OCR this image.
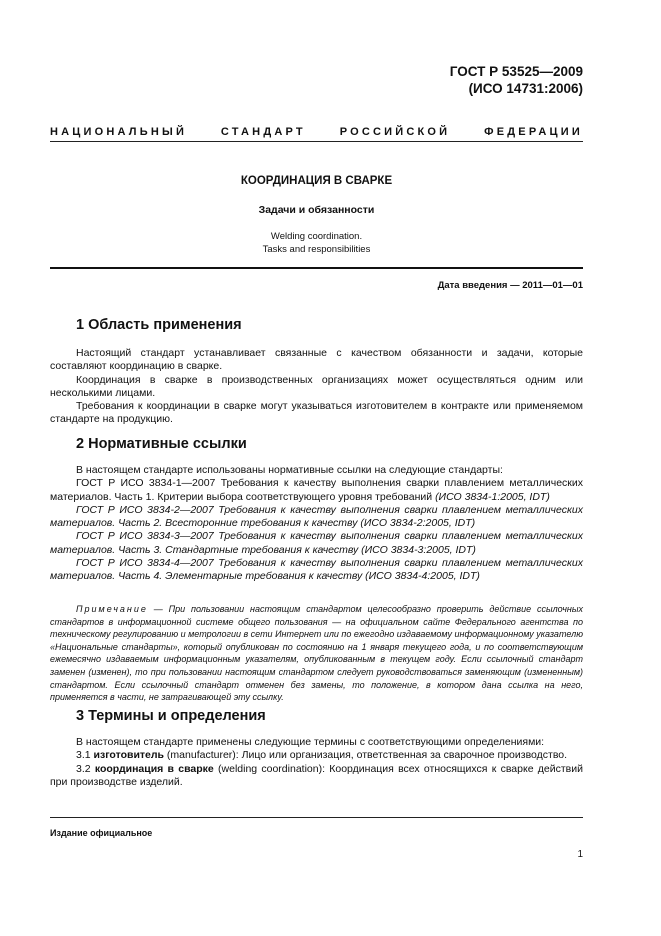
ГОСТ Р 53525—2009
(ИСО 14731:2006)
НАЦИОНАЛЬНЫЙ СТАНДАРТ РОССИЙСКОЙ ФЕДЕРАЦИИ
КООРДИНАЦИЯ В СВАРКЕ
Задачи и обязанности
Welding coordination.
Tasks and responsibilities
Дата введения — 2011—01—01
1 Область применения

Настоящий стандарт устанавливает связанные с качеством обязанности и задачи, которые составляют координацию в сварке.

Координация в сварке в производственных организациях может осуществляться одним или несколькими лицами.

Требования к координации в сварке могут указываться изготовителем в контракте или применяемом стандарте на продукцию.

2 Нормативные ссылки

В настоящем стандарте использованы нормативные ссылки на следующие стандарты:

ГОСТ Р ИСО 3834-1—2007 Требования к качеству выполнения сварки плавлением металлических материалов. Часть 1. Критерии выбора соответствующего уровня требований (ИСО 3834-1:2005, IDT)

ГОСТ Р ИСО 3834-2—2007 Требования к качеству выполнения сварки плавлением металлических материалов. Часть 2. Всесторонние требования к качеству (ИСО 3834-2:2005, IDT)

ГОСТ Р ИСО 3834-3—2007 Требования к качеству выполнения сварки плавлением металлических материалов. Часть 3. Стандартные требования к качеству (ИСО 3834-3:2005, IDT)

ГОСТ Р ИСО 3834-4—2007 Требования к качеству выполнения сварки плавлением металлических материалов. Часть 4. Элементарные требования к качеству (ИСО 3834-4:2005, IDT)

Примечание — При пользовании настоящим стандартом целесообразно проверить действие ссылочных стандартов в информационной системе общего пользования — на официальном сайте Федерального агентства по техническому регулированию и метрологии в сети Интернет или по ежегодно издаваемому информационному указателю «Национальные стандарты», который опубликован по состоянию на 1 января текущего года, и по соответствующим ежемесячно издаваемым информационным указателям, опубликованным в текущем году. Если ссылочный стандарт заменен (изменен), то при пользовании настоящим стандартом следует руководствоваться заменяющим (измененным) стандартом. Если ссылочный стандарт отменен без замены, то положение, в котором дана ссылка на него, применяется в части, не затрагивающей эту ссылку.

3 Термины и определения

В настоящем стандарте применены следующие термины с соответствующими определениями:

3.1 изготовитель (manufacturer): Лицо или организация, ответственная за сварочное производство.

3.2 координация в сварке (welding coordination): Координация всех относящихся к сварке действий при производстве изделий.

Издание официальное
1
